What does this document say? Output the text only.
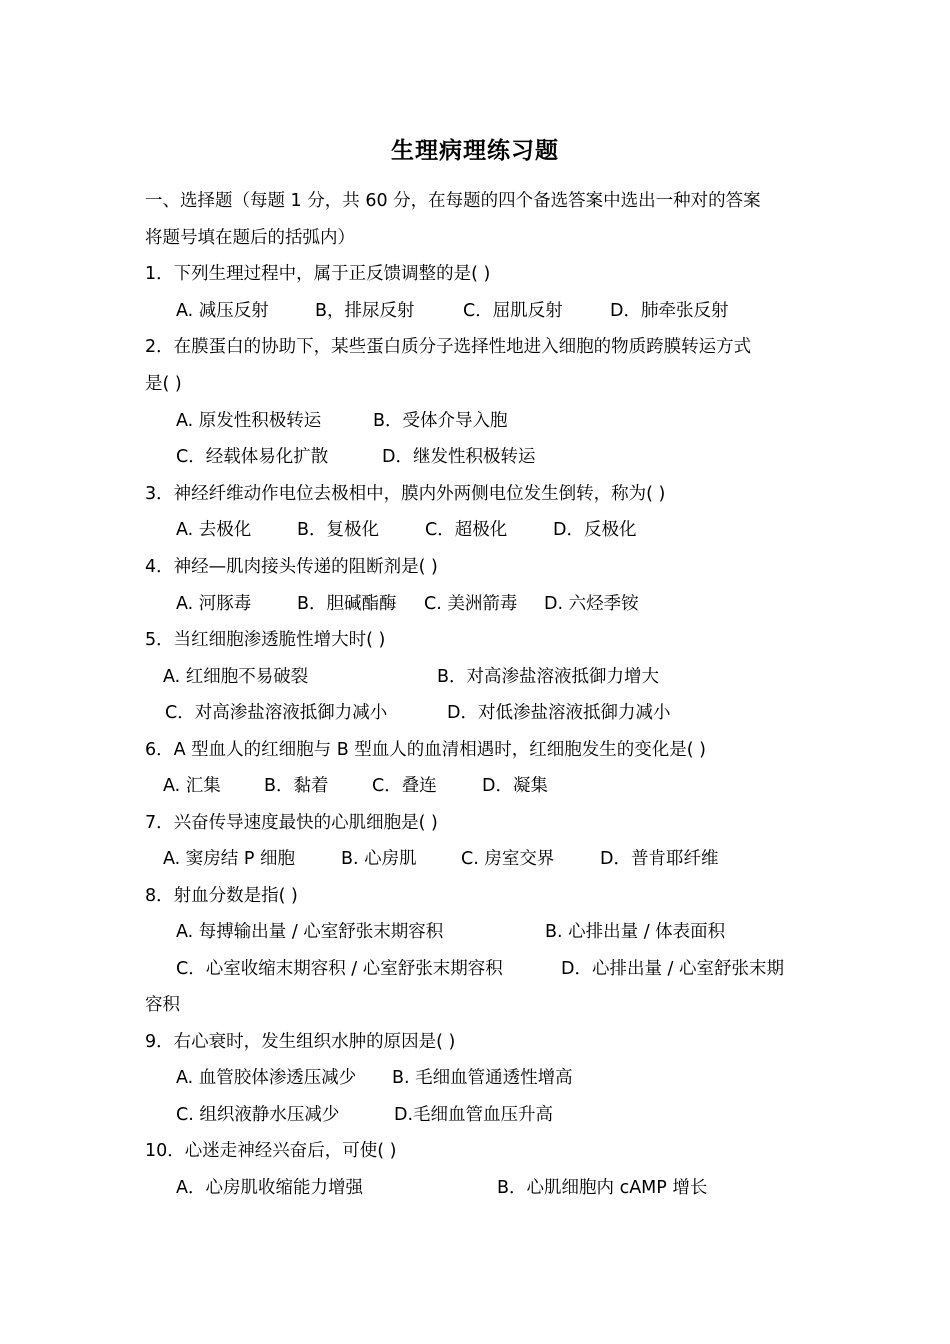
生理病理练习题
一、选择题（每题 1 分，共 60 分，在每题的四个备选答案中选出一种对的答案
将题号填在题后的括弧内）
1．下列生理过程中，属于正反馈调整的是( )
A. 减压反射	B，排尿反射	C．屈肌反射	D．肺牵张反射
2．在膜蛋白的协助下，某些蛋白质分子选择性地进入细胞的物质跨膜转运方式
是( )
A. 原发性积极转运	B．受体介导入胞
C．经载体易化扩散	D．继发性积极转运
3．神经纤维动作电位去极相中，膜内外两侧电位发生倒转，称为( )
A. 去极化	B．复极化	C．超极化	D．反极化
4．神经—肌肉接头传递的阻断剂是( )
A. 河豚毒	B．胆碱酯酶 C. 美洲箭毒 D. 六烃季铵
5．当红细胞渗透脆性增大时( )
A. 红细胞不易破裂	B．对高渗盐溶液抵御力增大
C．对高渗盐溶液抵御力减小	D．对低渗盐溶液抵御力减小
6．A 型血人的红细胞与 B 型血人的血清相遇时，红细胞发生的变化是( )
A. 汇集 B．黏着 C．叠连	D．凝集
7．兴奋传导速度最快的心肌细胞是( )
A. 窦房结 P 细胞	B. 心房肌	C. 房室交界	D．普肯耶纤维
8．射血分数是指( )
A. 每搏输出量 / 心室舒张末期容积	B. 心排出量 / 体表面积
C．心室收缩末期容积 / 心室舒张末期容积	D．心排出量 / 心室舒张末期
容积
9．右心衰时，发生组织水肿的原因是( )
A. 血管胶体渗透压减少 B. 毛细血管通透性增高
C. 组织液静水压减少	D.毛细血管血压升高
10．心迷走神经兴奋后，可使( )
A．心房肌收缩能力增强	B．心肌细胞内 cAMP 增长
